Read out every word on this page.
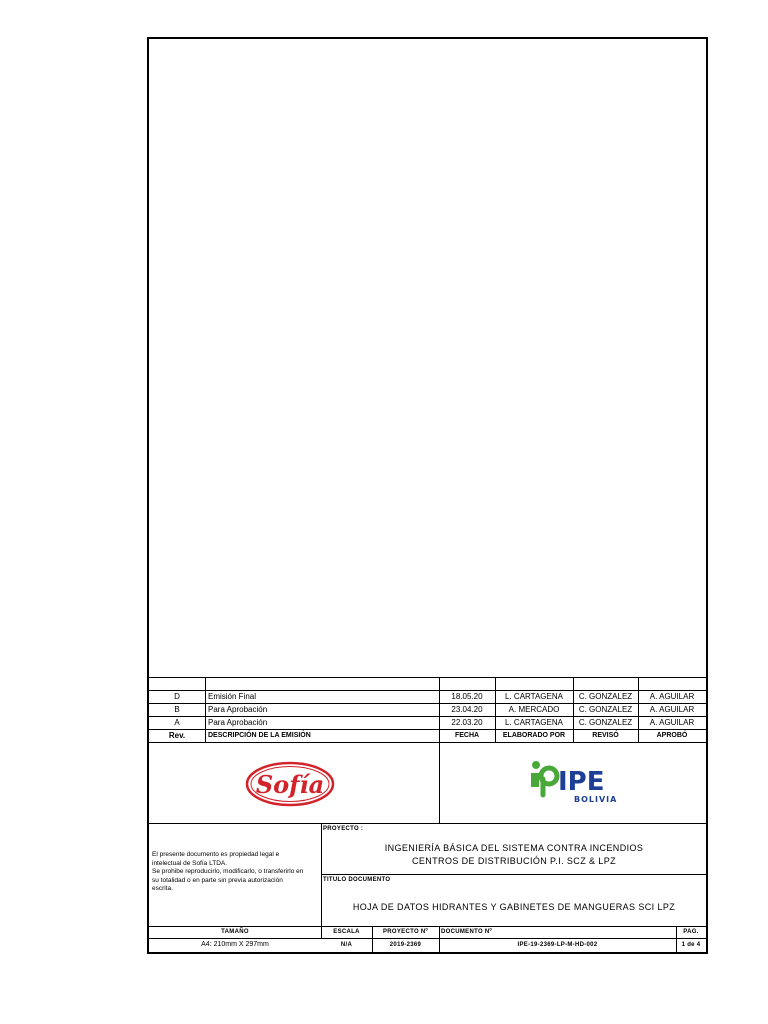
D	Emisión Final	18.05.20	L. CARTAGENA	C. GONZALEZ	A. AGUILAR
B	Para Aprobación	23.04.20	A. MERCADO	C. GONZALEZ	A. AGUILAR
A	Para Aprobación	22.03.20	L. CARTAGENA	C. GONZALEZ	A. AGUILAR
Rev.	DESCRIPCIÓN DE LA EMISIÓN	FECHA	ELABORADO POR	REVISÓ	APROBÓ
Sofía	IPE
BOLIVIA
El presente documento es propiedad legal e
intelectual de Sofía LTDA.
Se prohibe reproducirlo, modificarlo, o transferirlo en
su totalidad o en parte sin previa autorización
escrita.
PROYECTO :
INGENIERÍA BÁSICA DEL SISTEMA CONTRA INCENDIOS
CENTROS DE DISTRIBUCIÓN P.I. SCZ & LPZ
TITULO DOCUMENTO
HOJA DE DATOS HIDRANTES Y GABINETES DE MANGUERAS SCI LPZ
TAMAÑO	ESCALA	PROYECTO Nº	DOCUMENTO Nº	PAG.
A4: 210mm X 297mm	N/A	2019-2369	IPE-19-2369-LP-M-HD-002	1 de 4
